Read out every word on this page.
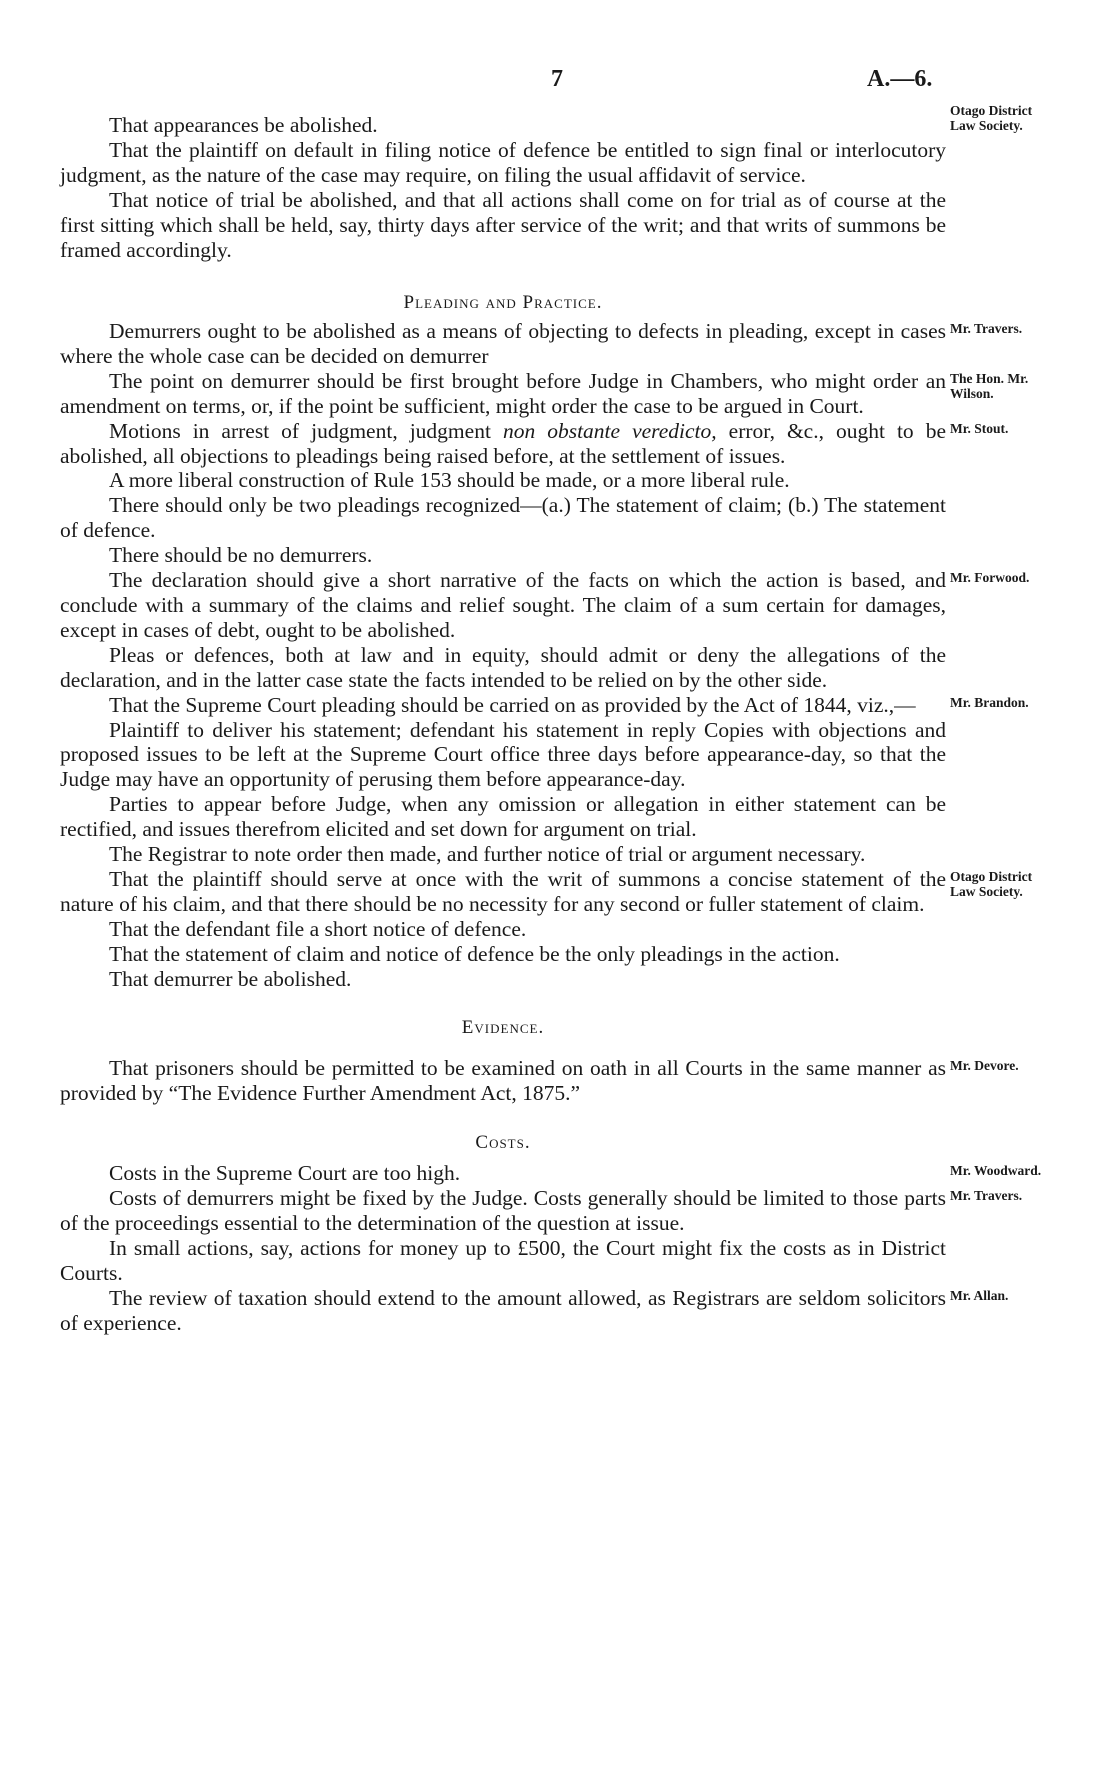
7	A.—6.

That appearances be abolished.
Otago District Law Society.

That the plaintiff on default in filing notice of defence be entitled to sign final or interlocutory judgment, as the nature of the case may require, on filing the usual affidavit of service.

That notice of trial be abolished, and that all actions shall come on for trial as of course at the first sitting which shall be held, say, thirty days after service of the writ; and that writs of summons be framed accordingly.

Pleading and Practice.

Demurrers ought to be abolished as a means of objecting to defects in pleading, except in cases where the whole case can be decided on demurrer
Mr. Travers.

The point on demurrer should be first brought before Judge in Chambers, who might order an amendment on terms, or, if the point be sufficient, might order the case to be argued in Court.
The Hon. Mr. Wilson.

Motions in arrest of judgment, judgment non obstante veredicto, error, &c., ought to be abolished, all objections to pleadings being raised before, at the settlement of issues.
Mr. Stout.

A more liberal construction of Rule 153 should be made, or a more liberal rule.

There should only be two pleadings recognized—(a.) The statement of claim; (b.) The statement of defence.

There should be no demurrers.

The declaration should give a short narrative of the facts on which the action is based, and conclude with a summary of the claims and relief sought. The claim of a sum certain for damages, except in cases of debt, ought to be abolished.
Mr. Forwood.

Pleas or defences, both at law and in equity, should admit or deny the allegations of the declaration, and in the latter case state the facts intended to be relied on by the other side.

That the Supreme Court pleading should be carried on as provided by the Act of 1844, viz.,—	Mr. Brandon.

Plaintiff to deliver his statement; defendant his statement in reply Copies with objections and proposed issues to be left at the Supreme Court office three days before appearance-day, so that the Judge may have an opportunity of perusing them before appearance-day.

Parties to appear before Judge, when any omission or allegation in either statement can be rectified, and issues therefrom elicited and set down for argument on trial.

The Registrar to note order then made, and further notice of trial or argument necessary.

That the plaintiff should serve at once with the writ of summons a concise statement of the nature of his claim, and that there should be no necessity for any second or fuller statement of claim.
Otago District Law Society.

That the defendant file a short notice of defence.

That the statement of claim and notice of defence be the only pleadings in the action.

That demurrer be abolished.

Evidence.

That prisoners should be permitted to be examined on oath in all Courts in the same manner as provided by “The Evidence Further Amendment Act, 1875.”
Mr. Devore.

Costs.

Costs in the Supreme Court are too high.	Mr. Woodward.

Costs of demurrers might be fixed by the Judge. Costs generally should be limited to those parts of the proceedings essential to the determination of the question at issue.
Mr. Travers.

In small actions, say, actions for money up to £500, the Court might fix the costs as in District Courts.

The review of taxation should extend to the amount allowed, as Registrars are seldom solicitors of experience.
Mr. Allan.
